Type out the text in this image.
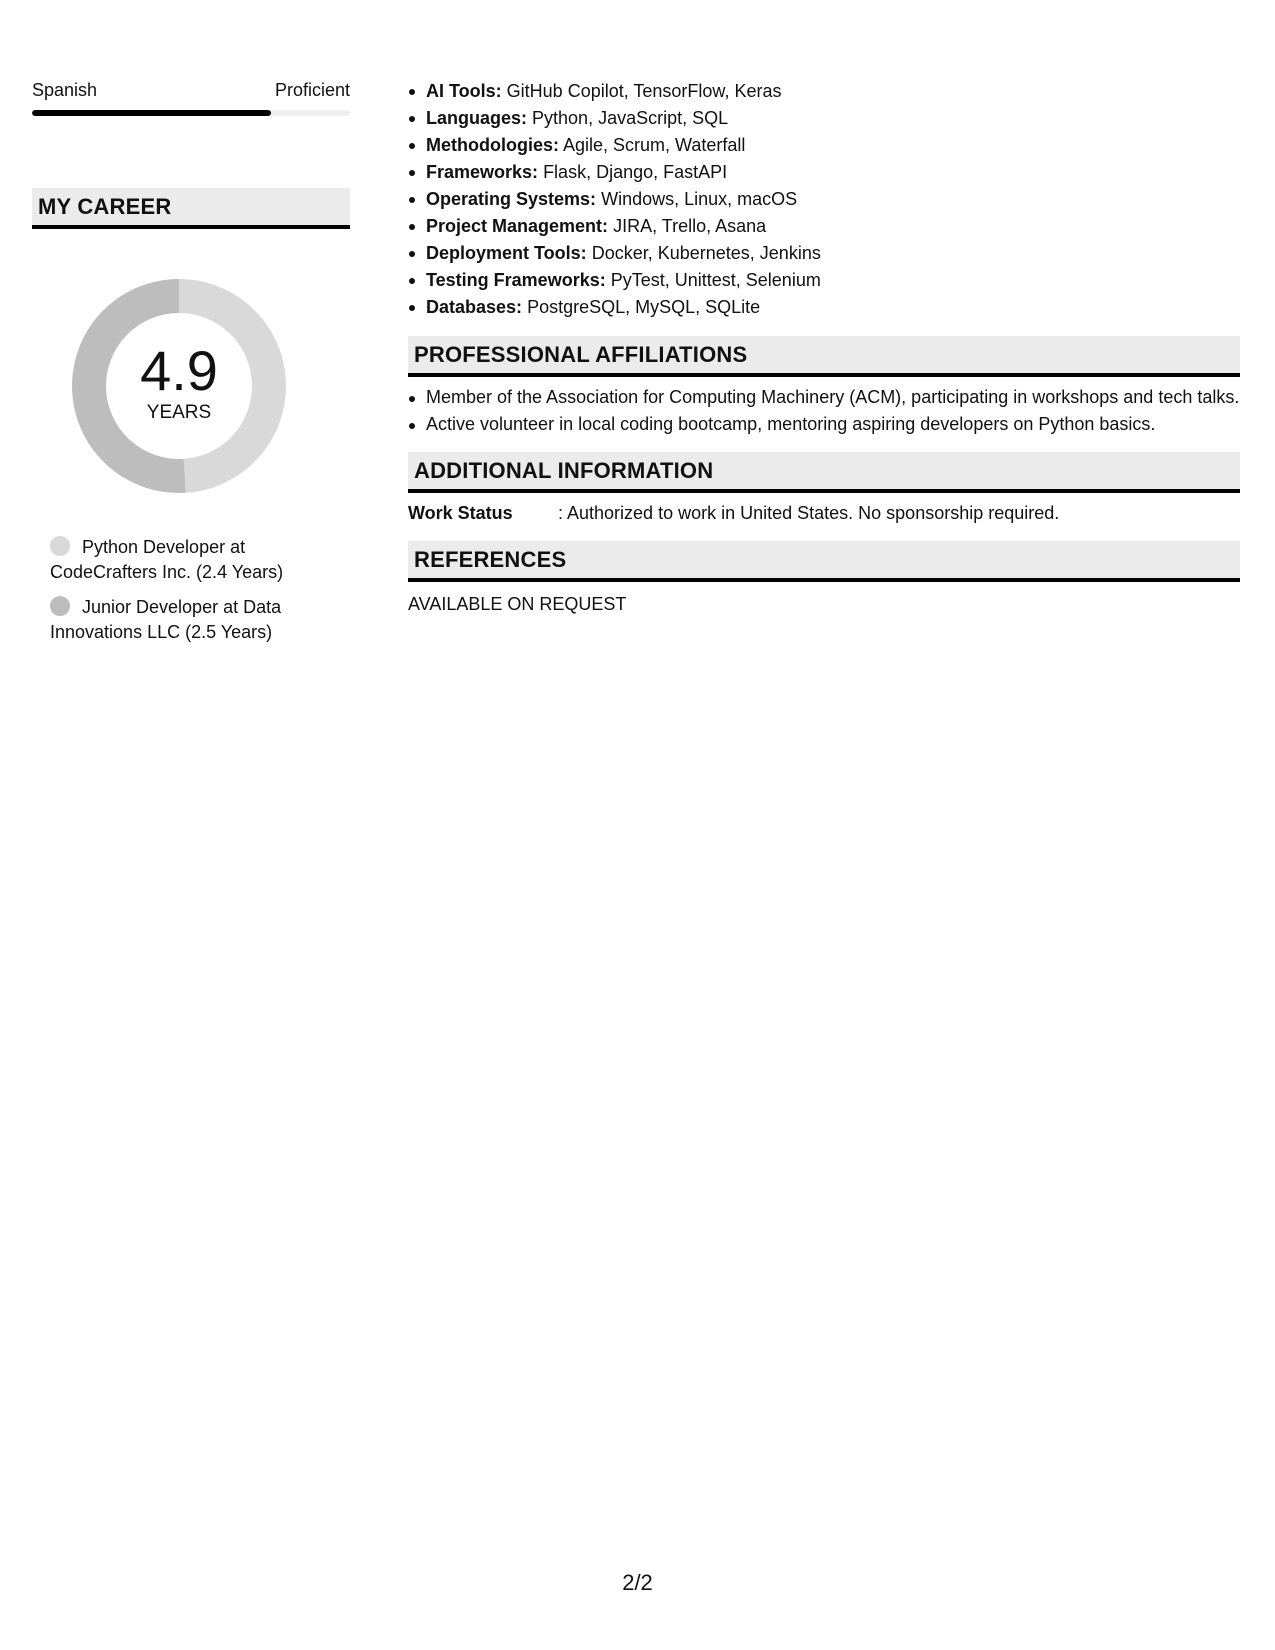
Spanish	Proficient
MY CAREER
4.9
YEARS
Python Developer at CodeCrafters Inc. (2.4 Years)
Junior Developer at Data Innovations LLC (2.5 Years)
AI Tools: GitHub Copilot, TensorFlow, Keras
Languages: Python, JavaScript, SQL
Methodologies: Agile, Scrum, Waterfall
Frameworks: Flask, Django, FastAPI
Operating Systems: Windows, Linux, macOS
Project Management: JIRA, Trello, Asana
Deployment Tools: Docker, Kubernetes, Jenkins
Testing Frameworks: PyTest, Unittest, Selenium
Databases: PostgreSQL, MySQL, SQLite
PROFESSIONAL AFFILIATIONS
Member of the Association for Computing Machinery (ACM), participating in workshops and tech talks.
Active volunteer in local coding bootcamp, mentoring aspiring developers on Python basics.
ADDITIONAL INFORMATION
Work Status	: Authorized to work in United States. No sponsorship required.
REFERENCES
AVAILABLE ON REQUEST
2/2
